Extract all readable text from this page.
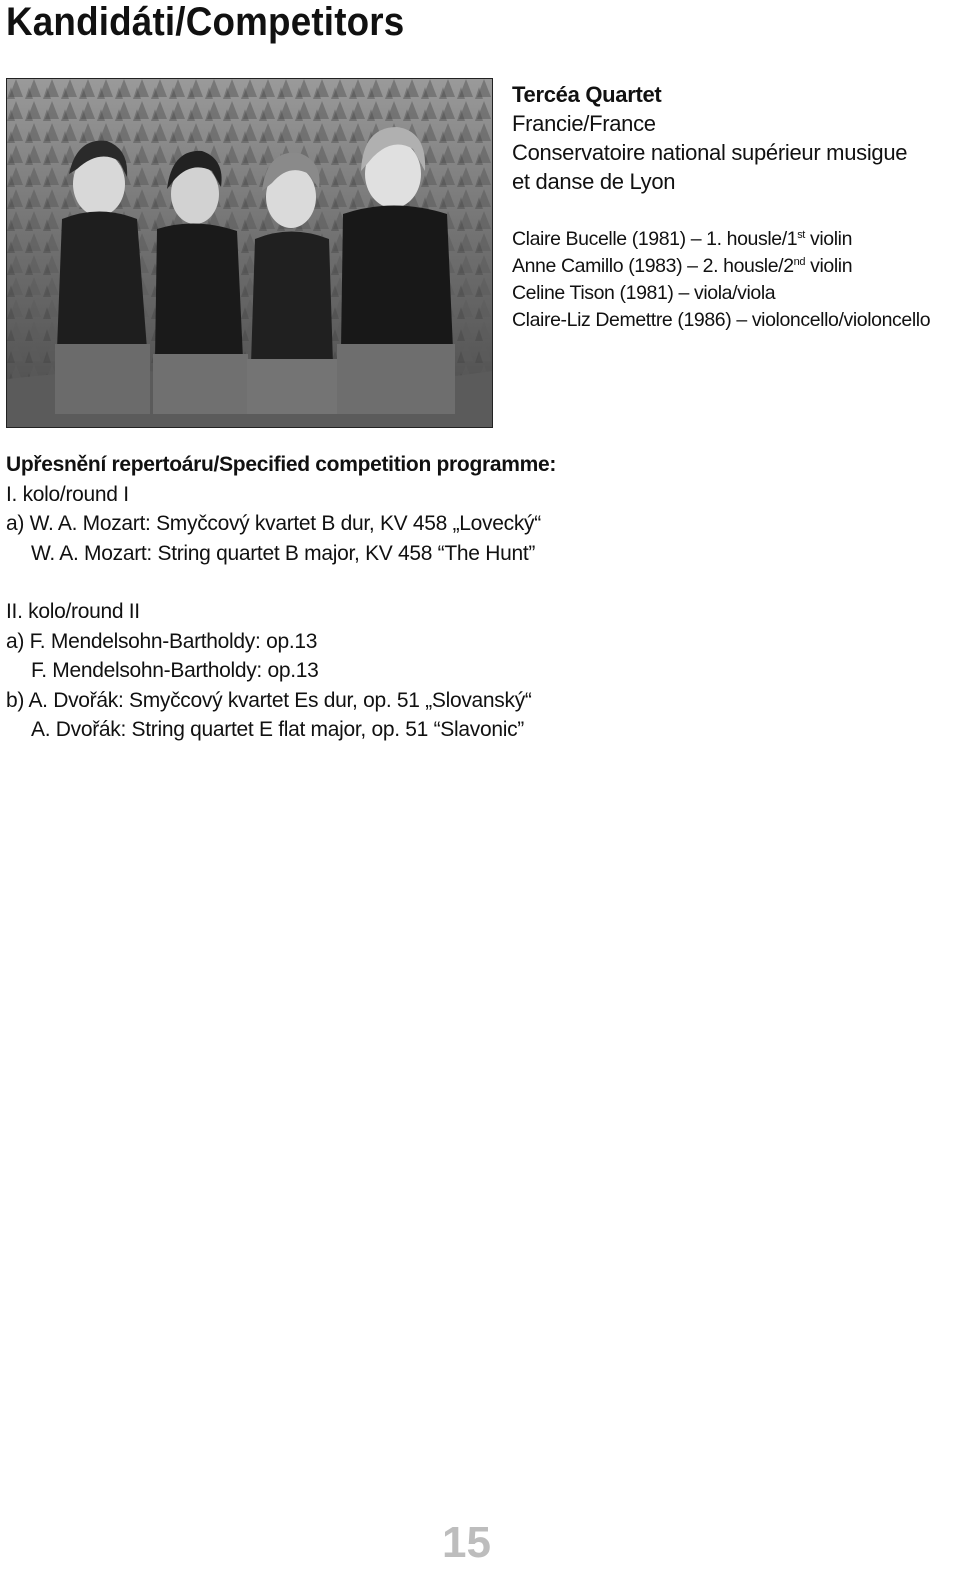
Kandidáti/Competitors
Tercéa Quartet
Francie/France
Conservatoire national supérieur musigue
et danse de Lyon
Claire Bucelle (1981) – 1. housle/1st violin
Anne Camillo (1983) – 2. housle/2nd violin
Celine Tison (1981) – viola/viola
Claire-Liz Demettre (1986) – violoncello/violoncello
Upřesnění repertoáru/Specified competition programme:
I. kolo/round I
a) W. A. Mozart: Smyčcový kvartet B dur, KV 458 „Lovecký“
W. A. Mozart: String quartet B major, KV 458 “The Hunt”
II. kolo/round II
a) F. Mendelsohn-Bartholdy: op.13
F. Mendelsohn-Bartholdy: op.13
b) A. Dvořák: Smyčcový kvartet Es dur, op. 51 „Slovanský“
A. Dvořák: String quartet E flat major, op. 51 “Slavonic”
15
